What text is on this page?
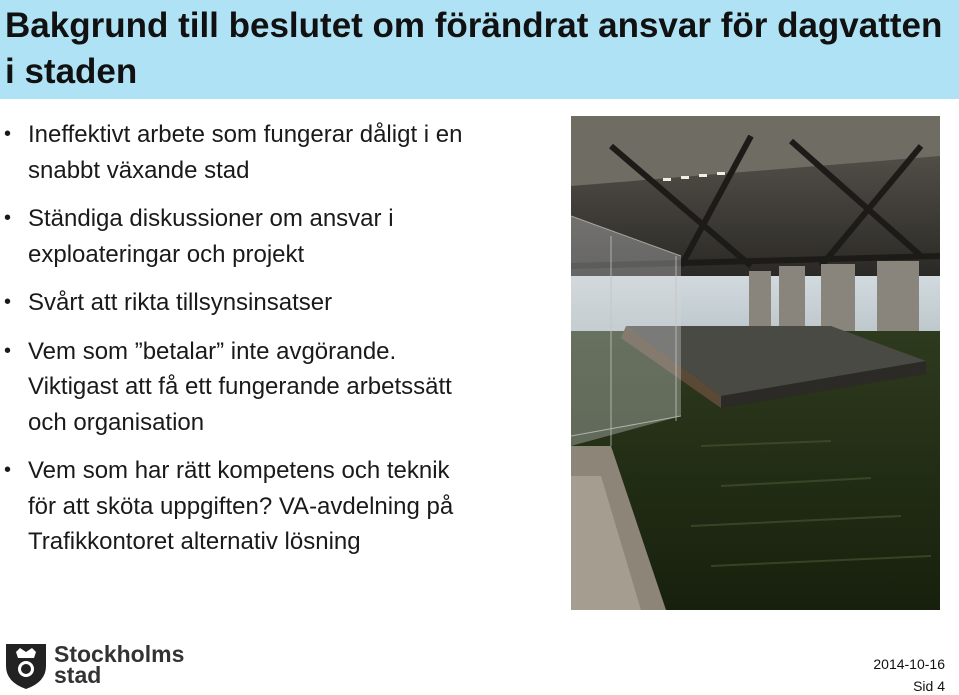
Bakgrund till beslutet om förändrat ansvar för dagvatten i staden
• Ineffektivt arbete som fungerar dåligt i en snabbt växande stad
• Ständiga diskussioner om ansvar i exploateringar och projekt
• Svårt att rikta tillsynsinsatser
• Vem som ”betalar” inte avgörande. Viktigast att få ett fungerande arbetssätt och organisation
• Vem som har rätt kompetens och teknik för att sköta uppgiften? VA-avdelning på Trafikkontoret alternativ lösning
Stockholms
stad	2014-10-16
Sid 4
